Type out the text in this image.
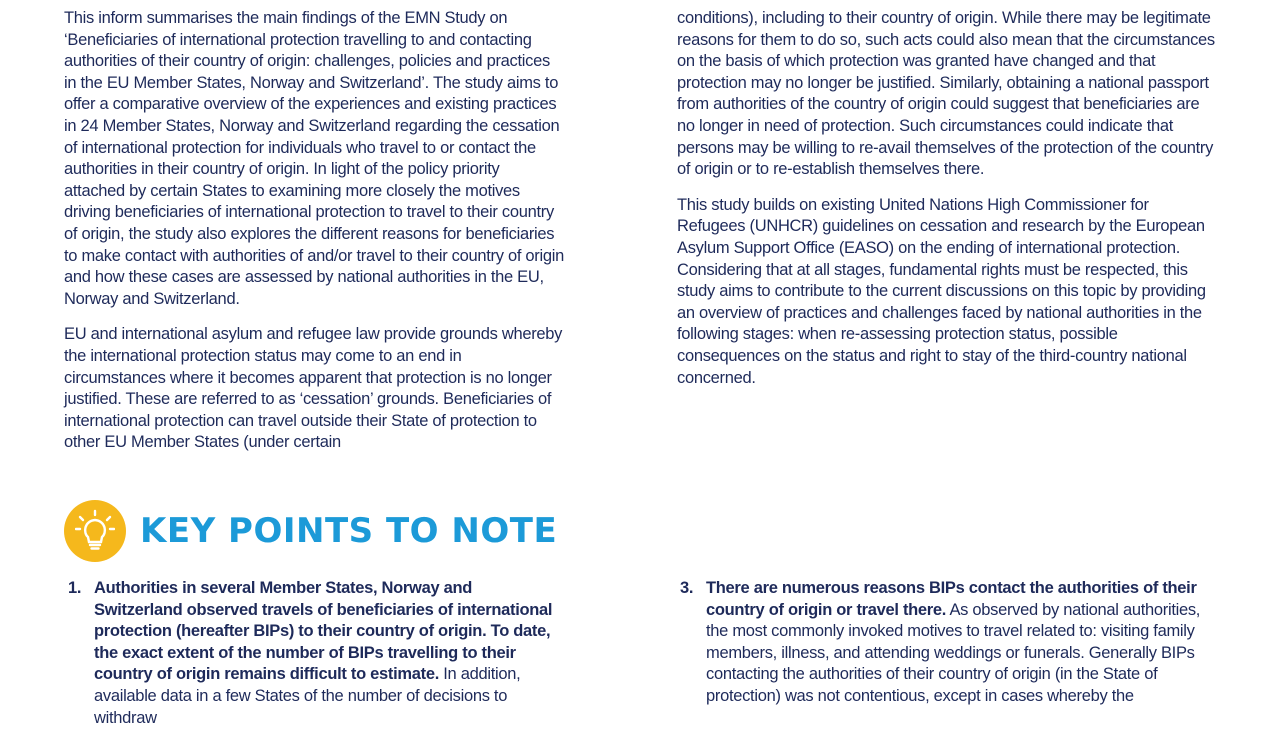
This inform summarises the main findings of the EMN Study on ‘Beneficiaries of international protection travelling to and contacting authorities of their country of origin: challenges, policies and practices in the EU Member States, Norway and Switzerland’. The study aims to offer a comparative overview of the experiences and existing practices in 24 Member States, Norway and Switzerland regarding the cessation of international protection for individuals who travel to or contact the authorities in their country of origin. In light of the policy priority attached by certain States to examining more closely the motives driving beneficiaries of international protection to travel to their country of origin, the study also explores the different reasons for beneficiaries to make contact with authorities of and/or travel to their country of origin and how these cases are assessed by national authorities in the EU, Norway and Switzerland.

EU and international asylum and refugee law provide grounds whereby the international protection status may come to an end in circumstances where it becomes apparent that protection is no longer justified. These are referred to as ‘cessation’ grounds. Beneficiaries of international protection can travel outside their State of protection to other EU Member States (under certain

conditions), including to their country of origin. While there may be legitimate reasons for them to do so, such acts could also mean that the circumstances on the basis of which protection was granted have changed and that protection may no longer be justified. Similarly, obtaining a national passport from authorities of the country of origin could suggest that beneficiaries are no longer in need of protection. Such circumstances could indicate that persons may be willing to re-avail themselves of the protection of the country of origin or to re-establish themselves there.

This study builds on existing United Nations High Commissioner for Refugees (UNHCR) guidelines on cessation and research by the European Asylum Support Office (EASO) on the ending of international protection. Considering that at all stages, fundamental rights must be respected, this study aims to contribute to the current discussions on this topic by providing an overview of practices and challenges faced by national authorities in the following stages: when re-assessing protection status, possible consequences on the status and right to stay of the third-country national concerned.

KEY POINTS TO NOTE
1. Authorities in several Member States, Norway and Switzerland observed travels of beneficiaries of international protection (hereafter BIPs) to their country of origin. To date, the exact extent of the number of BIPs travelling to their country of origin remains difficult to estimate. In addition, available data in a few States of the number of decisions to withdraw
3. There are numerous reasons BIPs contact the authorities of their country of origin or travel there. As observed by national authorities, the most commonly invoked motives to travel related to: visiting family members, illness, and attending weddings or funerals. Generally BIPs contacting the authorities of their country of origin (in the State of protection) was not contentious, except in cases whereby the
